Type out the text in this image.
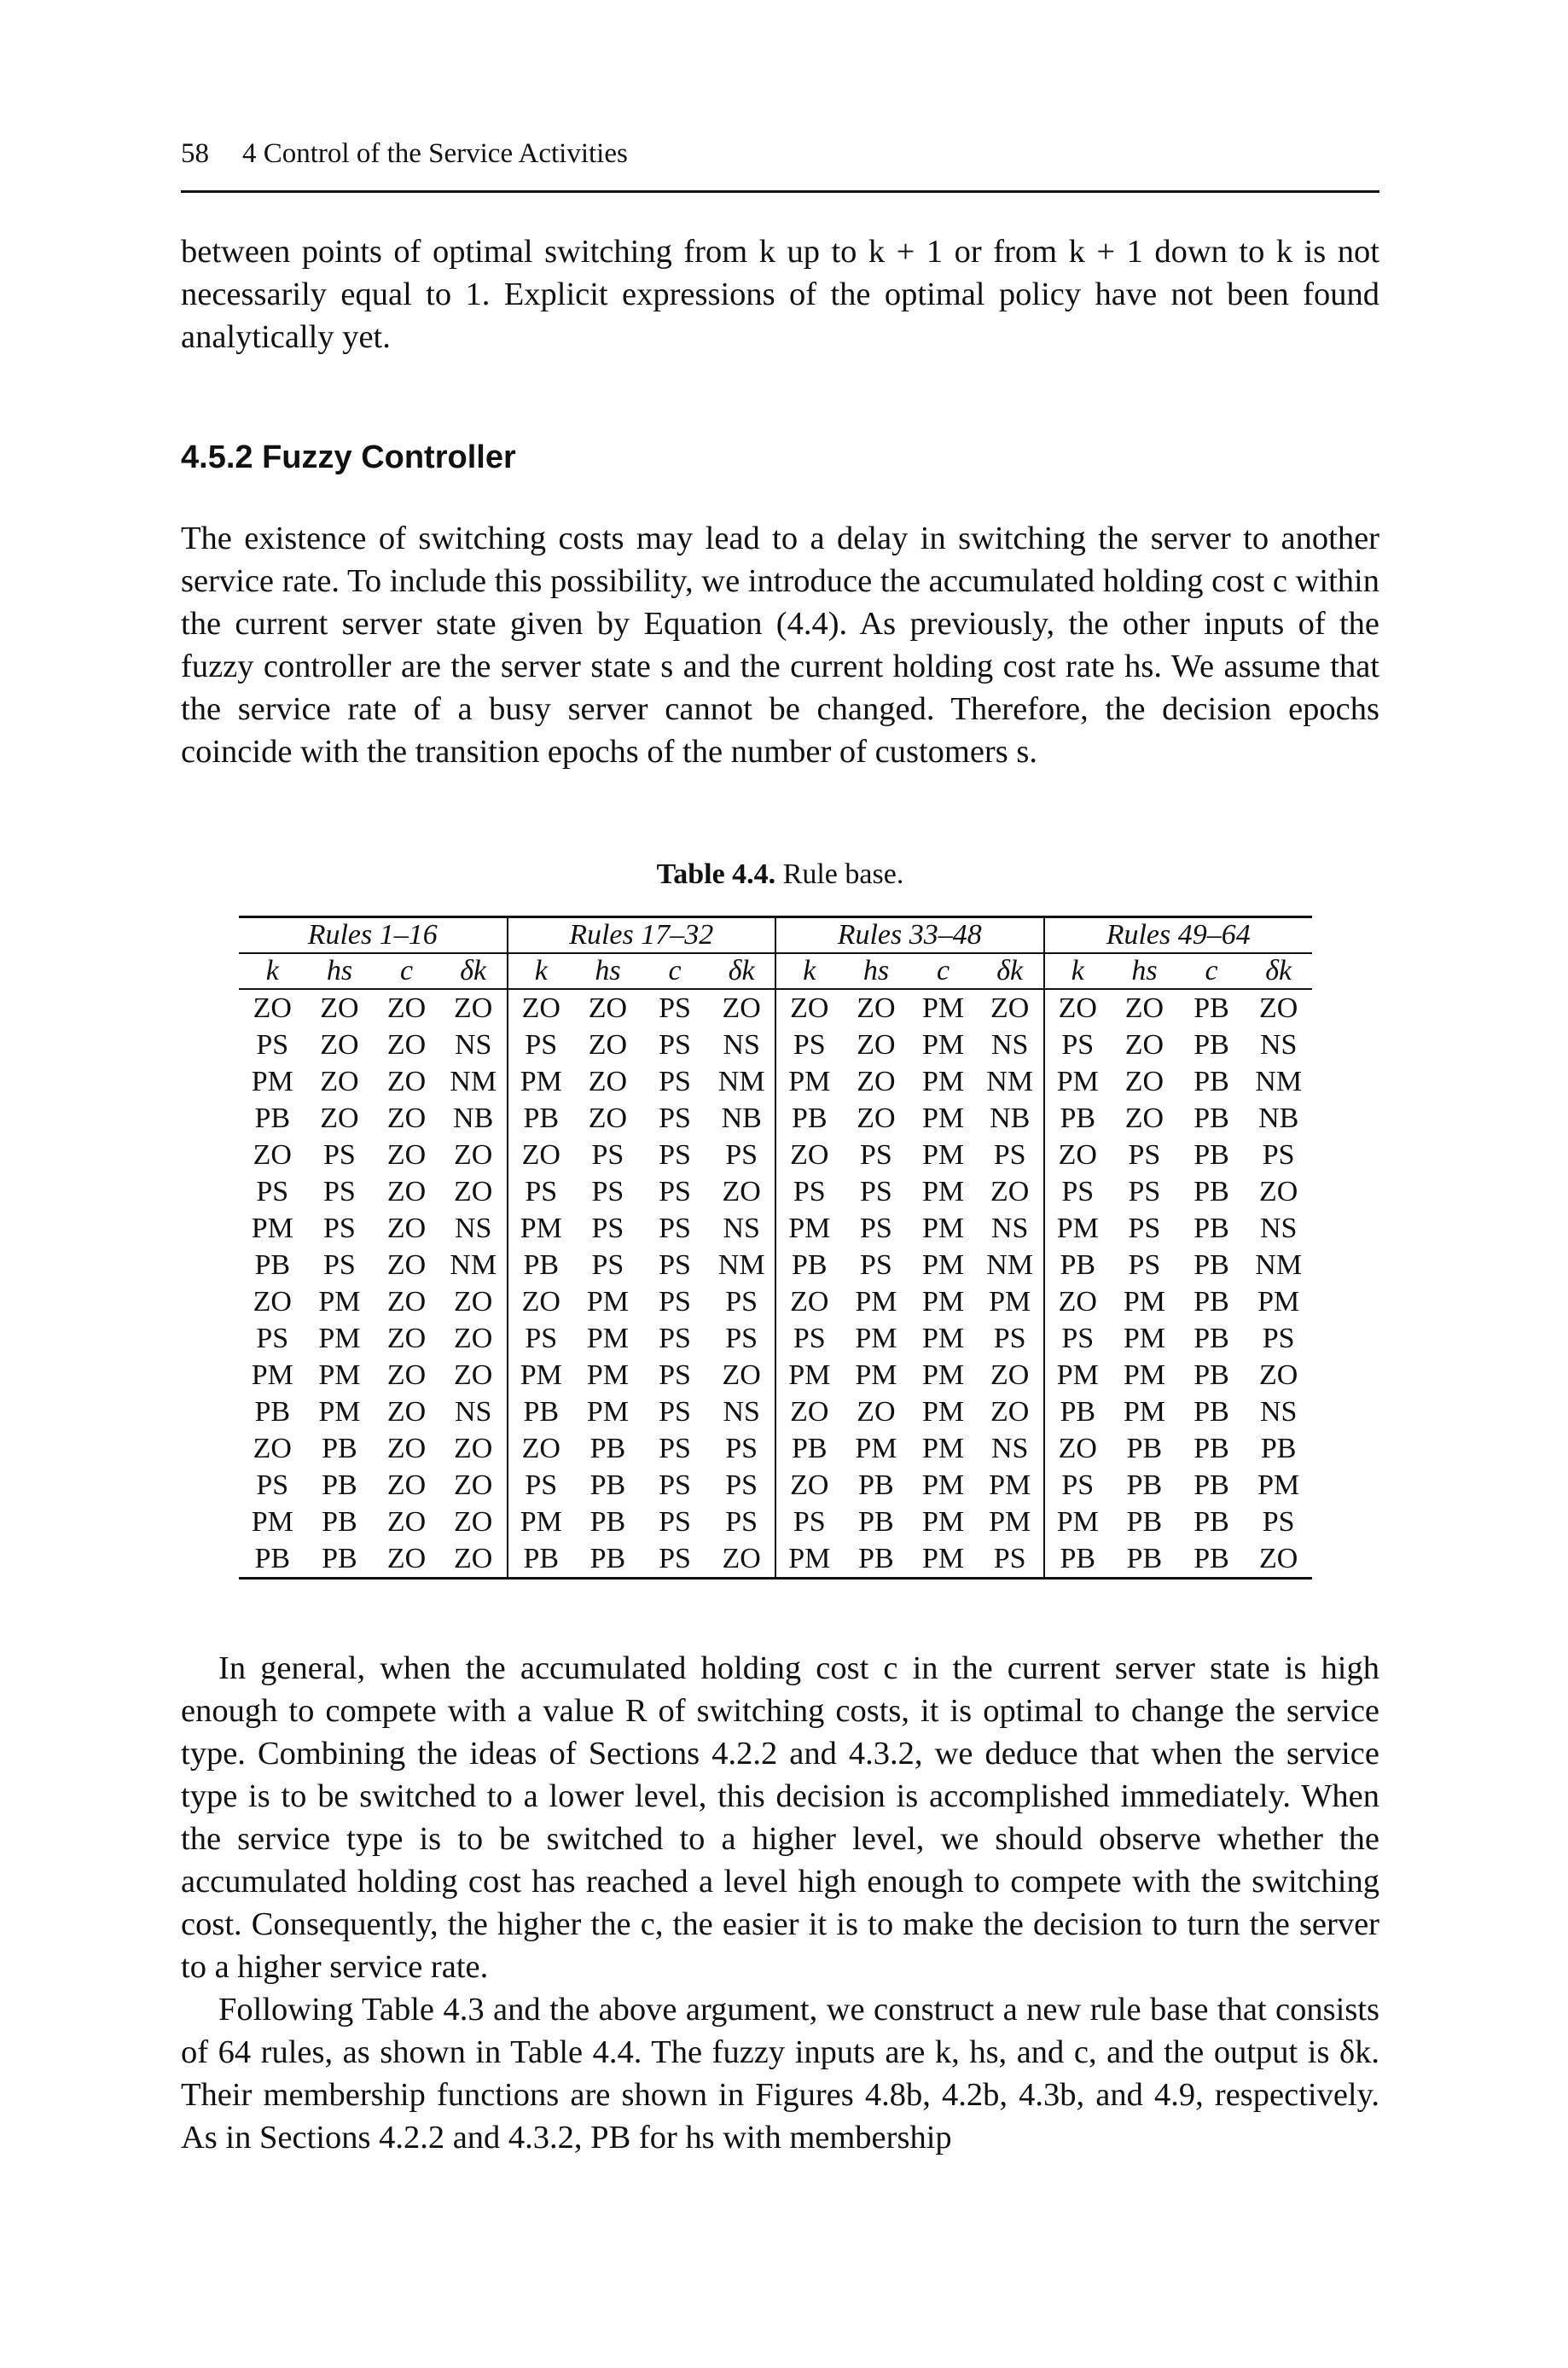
58 4 Control of the Service Activities

between points of optimal switching from k up to k + 1 or from k + 1 down to k is not necessarily equal to 1. Explicit expressions of the optimal policy have not been found analytically yet.

4.5.2 Fuzzy Controller

The existence of switching costs may lead to a delay in switching the server to another service rate. To include this possibility, we introduce the accumulated holding cost c within the current server state given by Equation (4.4). As previously, the other inputs of the fuzzy controller are the server state s and the current holding cost rate hs. We assume that the service rate of a busy server cannot be changed. Therefore, the decision epochs coincide with the transition epochs of the number of customers s.

Table 4.4. Rule base.
Rules 1–16				Rules 17–32				Rules 33–48				Rules 49–64			
k	hs	c	δk	k	hs	c	δk	k	hs	c	δk	k	hs	c	δk
ZO	ZO	ZO	ZO	ZO	ZO	PS	ZO	ZO	ZO	PM	ZO	ZO	ZO	PB	ZO
PS	ZO	ZO	NS	PS	ZO	PS	NS	PS	ZO	PM	NS	PS	ZO	PB	NS
PM	ZO	ZO	NM	PM	ZO	PS	NM	PM	ZO	PM	NM	PM	ZO	PB	NM
PB	ZO	ZO	NB	PB	ZO	PS	NB	PB	ZO	PM	NB	PB	ZO	PB	NB
ZO	PS	ZO	ZO	ZO	PS	PS	PS	ZO	PS	PM	PS	ZO	PS	PB	PS
PS	PS	ZO	ZO	PS	PS	PS	ZO	PS	PS	PM	ZO	PS	PS	PB	ZO
PM	PS	ZO	NS	PM	PS	PS	NS	PM	PS	PM	NS	PM	PS	PB	NS
PB	PS	ZO	NM	PB	PS	PS	NM	PB	PS	PM	NM	PB	PS	PB	NM
ZO	PM	ZO	ZO	ZO	PM	PS	PS	ZO	PM	PM	PM	ZO	PM	PB	PM
PS	PM	ZO	ZO	PS	PM	PS	PS	PS	PM	PM	PS	PS	PM	PB	PS
PM	PM	ZO	ZO	PM	PM	PS	ZO	PM	PM	PM	ZO	PM	PM	PB	ZO
PB	PM	ZO	NS	PB	PM	PS	NS	ZO	ZO	PM	ZO	PB	PM	PB	NS
ZO	PB	ZO	ZO	ZO	PB	PS	PS	PB	PM	PM	NS	ZO	PB	PB	PB
PS	PB	ZO	ZO	PS	PB	PS	PS	ZO	PB	PM	PM	PS	PB	PB	PM
PM	PB	ZO	ZO	PM	PB	PS	PS	PS	PB	PM	PM	PM	PB	PB	PS
PB	PB	ZO	ZO	PB	PB	PS	ZO	PM	PB	PM	PS	PB	PB	PB	ZO

In general, when the accumulated holding cost c in the current server state is high enough to compete with a value R of switching costs, it is optimal to change the service type. Combining the ideas of Sections 4.2.2 and 4.3.2, we deduce that when the service type is to be switched to a lower level, this decision is accomplished immediately. When the service type is to be switched to a higher level, we should observe whether the accumulated holding cost has reached a level high enough to compete with the switching cost. Consequently, the higher the c, the easier it is to make the decision to turn the server to a higher service rate.

Following Table 4.3 and the above argument, we construct a new rule base that consists of 64 rules, as shown in Table 4.4. The fuzzy inputs are k, hs, and c, and the output is δk. Their membership functions are shown in Figures 4.8b, 4.2b, 4.3b, and 4.9, respectively. As in Sections 4.2.2 and 4.3.2, PB for hs with membership
